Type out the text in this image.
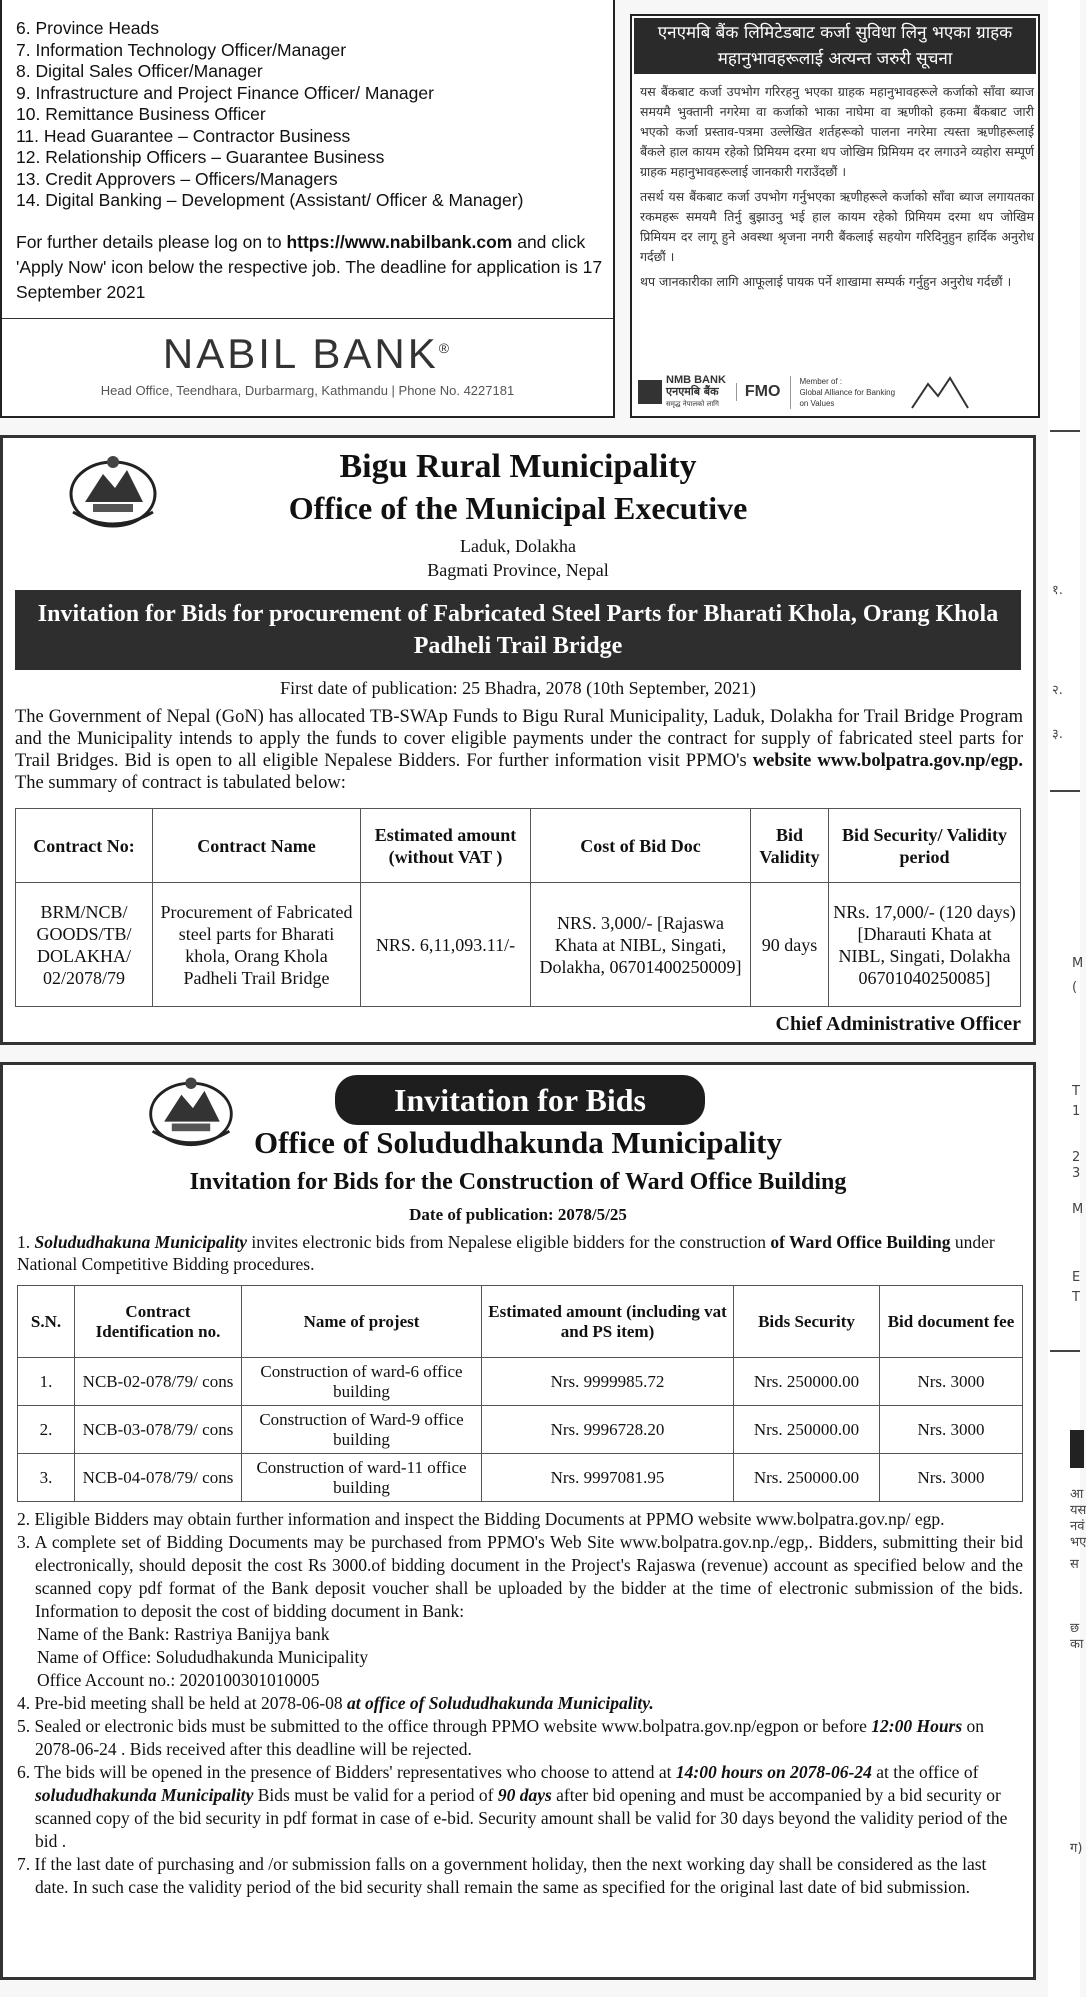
6. Province Heads
7. Information Technology Officer/Manager
8. Digital Sales Officer/Manager
9. Infrastructure and Project Finance Officer/ Manager
10. Remittance Business Officer
11. Head Guarantee – Contractor Business
12. Relationship Officers – Guarantee Business
13. Credit Approvers – Officers/Managers
14. Digital Banking – Development (Assistant/ Officer & Manager)
For further details please log on to https://www.nabilbank.com and click 'Apply Now' icon below the respective job. The deadline for application is 17 September 2021
NABIL BANK®
Head Office, Teendhara, Durbarmarg, Kathmandu | Phone No. 4227181
एनएमबि बैंक लिमिटेडबाट कर्जा सुविधा लिनु भएका ग्राहक महानुभावहरूलाई अत्यन्त जरुरी सूचना

यस बैंकबाट कर्जा उपभोग गरिरहनु भएका ग्राहक महानुभावहरूले कर्जाको साँवा ब्याज समयमै भुक्तानी नगरेमा वा कर्जाको भाका नाघेमा वा ऋणीको हकमा बैंकबाट जारी भएको कर्जा प्रस्ताव-पत्रमा उल्लेखित शर्तहरूको पालना नगरेमा त्यस्ता ऋणीहरूलाई बैंकले हाल कायम रहेको प्रिमियम दरमा थप जोखिम प्रिमियम दर लगाउने व्यहोरा सम्पूर्ण ग्राहक महानुभावहरूलाई जानकारी गराउँदछौं ।

तसर्थ यस बैंकबाट कर्जा उपभोग गर्नुभएका ऋणीहरूले कर्जाको साँवा ब्याज लगायतका रकमहरू समयमै तिर्नु बुझाउनु भई हाल कायम रहेको प्रिमियम दरमा थप जोखिम प्रिमियम दर लागू हुने अवस्था श्रृजना नगरी बैंकलाई सहयोग गरिदिनुहुन हार्दिक अनुरोध गर्दछौं ।

थप जानकारीका लागि आफूलाई पायक पर्ने शाखामा सम्पर्क गर्नुहुन अनुरोध गर्दछौं ।

NMB BANK
एनएमबि बैंक
समृद्ध नेपालको लागि
FMO
Member of :
Global Alliance for Banking on Values
Bigu Rural Municipality
Office of the Municipal Executive
Laduk, Dolakha
Bagmati Province, Nepal
Invitation for Bids for procurement of Fabricated Steel Parts for Bharati Khola, Orang Khola Padheli Trail Bridge
First date of publication: 25 Bhadra, 2078 (10th September, 2021)
The Government of Nepal (GoN) has allocated TB-SWAp Funds to Bigu Rural Municipality, Laduk, Dolakha for Trail Bridge Program and the Municipality intends to apply the funds to cover eligible payments under the contract for supply of fabricated steel parts for Trail Bridges. Bid is open to all eligible Nepalese Bidders. For further information visit PPMO's website www.bolpatra.gov.np/egp. The summary of contract is tabulated below:
Contract No:	Contract Name	Estimated amount (without VAT )	Cost of Bid Doc	Bid Validity	Bid Security/ Validity period
BRM/NCB/ GOODS/TB/ DOLAKHA/ 02/2078/79	Procurement of Fabricated steel parts for Bharati khola, Orang Khola Padheli Trail Bridge	NRS. 6,11,093.11/-	NRS. 3,000/- [Rajaswa Khata at NIBL, Singati, Dolakha, 06701400250009]	90 days	NRs. 17,000/- (120 days) [Dharauti Khata at NIBL, Singati, Dolakha 06701040250085]
Chief Administrative Officer
Invitation for Bids
Office of Solududhakunda Municipality
Invitation for Bids for the Construction of Ward Office Building
Date of publication: 2078/5/25
1. Solududhakuna Municipality invites electronic bids from Nepalese eligible bidders for the construction of Ward Office Building under National Competitive Bidding procedures.
S.N.	Contract Identification no.	Name of projest	Estimated amount (including vat and PS item)	Bids Security	Bid document fee
1.	NCB-02-078/79/ cons	Construction of ward-6 office building	Nrs. 9999985.72	Nrs. 250000.00	Nrs. 3000
2.	NCB-03-078/79/ cons	Construction of Ward-9 office building	Nrs. 9996728.20	Nrs. 250000.00	Nrs. 3000
3.	NCB-04-078/79/ cons	Construction of ward-11 office building	Nrs. 9997081.95	Nrs. 250000.00	Nrs. 3000
2. Eligible Bidders may obtain further information and inspect the Bidding Documents at PPMO website www.bolpatra.gov.np/ egp.
3. A complete set of Bidding Documents may be purchased from PPMO's Web Site www.bolpatra.gov.np./egp,. Bidders, submitting their bid electronically, should deposit the cost Rs 3000.of bidding document in the Project's Rajaswa (revenue) account as specified below and the scanned copy pdf format of the Bank deposit voucher shall be uploaded by the bidder at the time of electronic submission of the bids. Information to deposit the cost of bidding document in Bank:
Name of the Bank: Rastriya Banijya bank
Name of Office: Solududhakunda Municipality
Office Account no.: 2020100301010005
4. Pre-bid meeting shall be held at 2078-06-08 at office of Solududhakunda Municipality.
5. Sealed or electronic bids must be submitted to the office through PPMO website www.bolpatra.gov.np/egpon or before 12:00 Hours on 2078-06-24 . Bids received after this deadline will be rejected.
6. The bids will be opened in the presence of Bidders' representatives who choose to attend at 14:00 hours on 2078-06-24 at the office of solududhakunda Municipality Bids must be valid for a period of 90 days after bid opening and must be accompanied by a bid security or scanned copy of the bid security in pdf format in case of e-bid. Security amount shall be valid for 30 days beyond the validity period of the bid .
7. If the last date of purchasing and /or submission falls on a government holiday, then the next working day shall be considered as the last date. In such case the validity period of the bid security shall remain the same as specified for the original last date of bid submission.
१.
२.
३.
M
(
T
1
2
3
M
E
T
आ
यस
नवं
भए
स
छ
का
ग)
